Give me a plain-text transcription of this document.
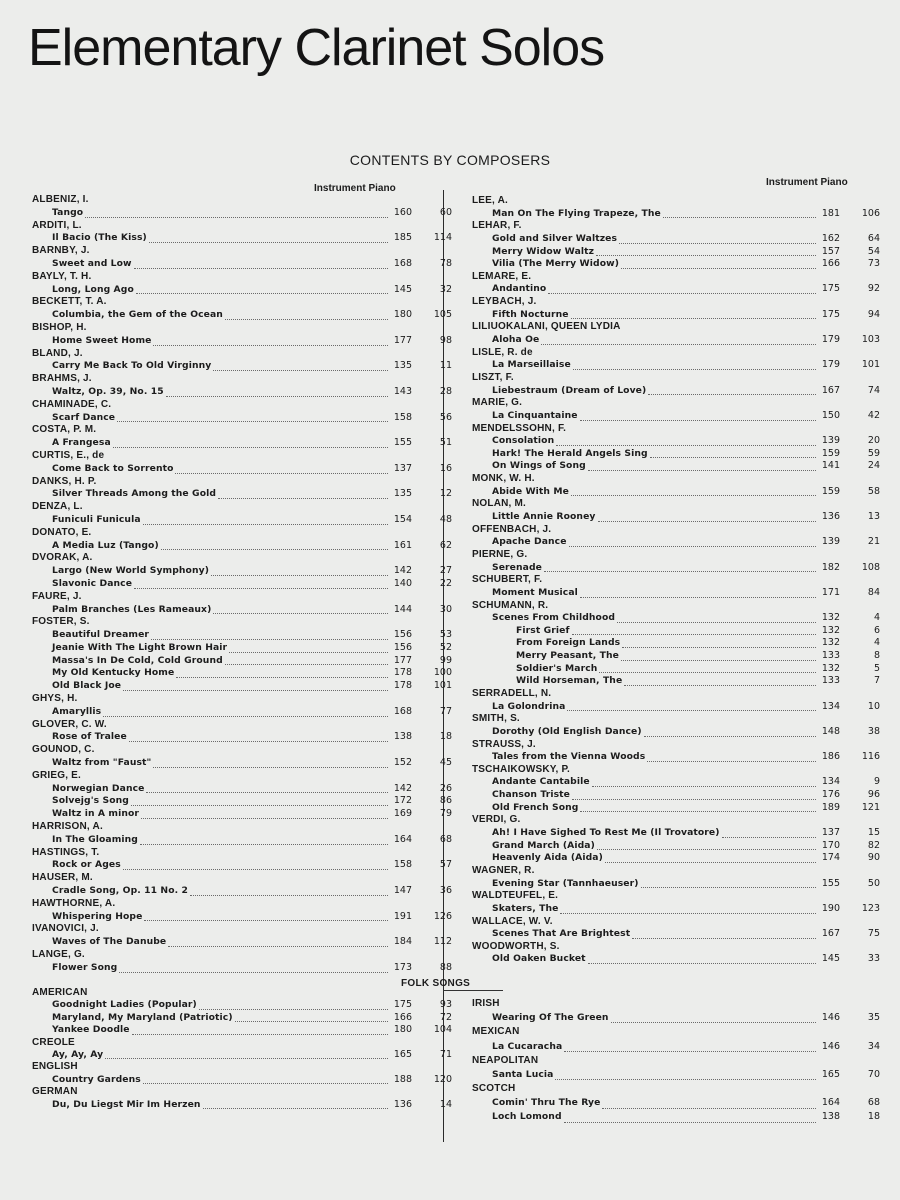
Elementary Clarinet Solos
CONTENTS BY COMPOSERS
Instrument Piano
Instrument Piano
ALBENIZ, I.
Tango	160	60
ARDITI, L.
Il Bacio (The Kiss)	185	114
BARNBY, J.
Sweet and Low	168	78
BAYLY, T. H.
Long, Long Ago	145	32
BECKETT, T. A.
Columbia, the Gem of the Ocean	180	105
BISHOP, H.
Home Sweet Home	177	98
BLAND, J.
Carry Me Back To Old Virginny	135	11
BRAHMS, J.
Waltz, Op. 39, No. 15	143	28
CHAMINADE, C.
Scarf Dance	158	56
COSTA, P. M.
A Frangesa	155	51
CURTIS, E., de
Come Back to Sorrento	137	16
DANKS, H. P.
Silver Threads Among the Gold	135	12
DENZA, L.
Funiculi Funicula	154	48
DONATO, E.
A Media Luz (Tango)	161	62
DVORAK, A.
Largo (New World Symphony)	142	27
Slavonic Dance	140	22
FAURE, J.
Palm Branches (Les Rameaux)	144	30
FOSTER, S.
Beautiful Dreamer	156	53
Jeanie With The Light Brown Hair	156	52
Massa's In De Cold, Cold Ground	177	99
My Old Kentucky Home	178	100
Old Black Joe	178	101
GHYS, H.
Amaryllis	168	77
GLOVER, C. W.
Rose of Tralee	138	18
GOUNOD, C.
Waltz from "Faust"	152	45
GRIEG, E.
Norwegian Dance	142	26
Solvejg's Song	172	86
Waltz in A minor	169	79
HARRISON, A.
In The Gloaming	164	68
HASTINGS, T.
Rock or Ages	158	57
HAUSER, M.
Cradle Song, Op. 11 No. 2	147	36
HAWTHORNE, A.
Whispering Hope	191	126
IVANOVICI, J.
Waves of The Danube	184	112
LANGE, G.
Flower Song	173	88
LEE, A.
Man On The Flying Trapeze, The	181	106
LEHAR, F.
Gold and Silver Waltzes	162	64
Merry Widow Waltz	157	54
Vilia (The Merry Widow)	166	73
LEMARE, E.
Andantino	175	92
LEYBACH, J.
Fifth Nocturne	175	94
LILIUOKALANI, QUEEN LYDIA
Aloha Oe	179	103
LISLE, R. de
La Marseillaise	179	101
LISZT, F.
Liebestraum (Dream of Love)	167	74
MARIE, G.
La Cinquantaine	150	42
MENDELSSOHN, F.
Consolation	139	20
Hark! The Herald Angels Sing	159	59
On Wings of Song	141	24
MONK, W. H.
Abide With Me	159	58
NOLAN, M.
Little Annie Rooney	136	13
OFFENBACH, J.
Apache Dance	139	21
PIERNE, G.
Serenade	182	108
SCHUBERT, F.
Moment Musical	171	84
SCHUMANN, R.
Scenes From Childhood	132	4
First Grief	132	6
From Foreign Lands	132	4
Merry Peasant, The	133	8
Soldier's March	132	5
Wild Horseman, The	133	7
SERRADELL, N.
La Golondrina	134	10
SMITH, S.
Dorothy (Old English Dance)	148	38
STRAUSS, J.
Tales from the Vienna Woods	186	116
TSCHAIKOWSKY, P.
Andante Cantabile	134	9
Chanson Triste	176	96
Old French Song	189	121
VERDI, G.
Ah! I Have Sighed To Rest Me (Il Trovatore)	137	15
Grand March (Aida)	170	82
Heavenly Aida (Aida)	174	90
WAGNER, R.
Evening Star (Tannhaeuser)	155	50
WALDTEUFEL, E.
Skaters, The	190	123
WALLACE, W. V.
Scenes That Are Brightest	167	75
WOODWORTH, S.
Old Oaken Bucket	145	33
FOLK SONGS
AMERICAN
Goodnight Ladies (Popular)	175	93
Maryland, My Maryland (Patriotic)	166	72
Yankee Doodle	180	104
CREOLE
Ay, Ay, Ay	165	71
ENGLISH
Country Gardens	188	120
GERMAN
Du, Du Liegst Mir Im Herzen	136	14
IRISH
Wearing Of The Green	146	35
MEXICAN
La Cucaracha	146	34
NEAPOLITAN
Santa Lucia	165	70
SCOTCH
Comin' Thru The Rye	164	68
Loch Lomond	138	18
